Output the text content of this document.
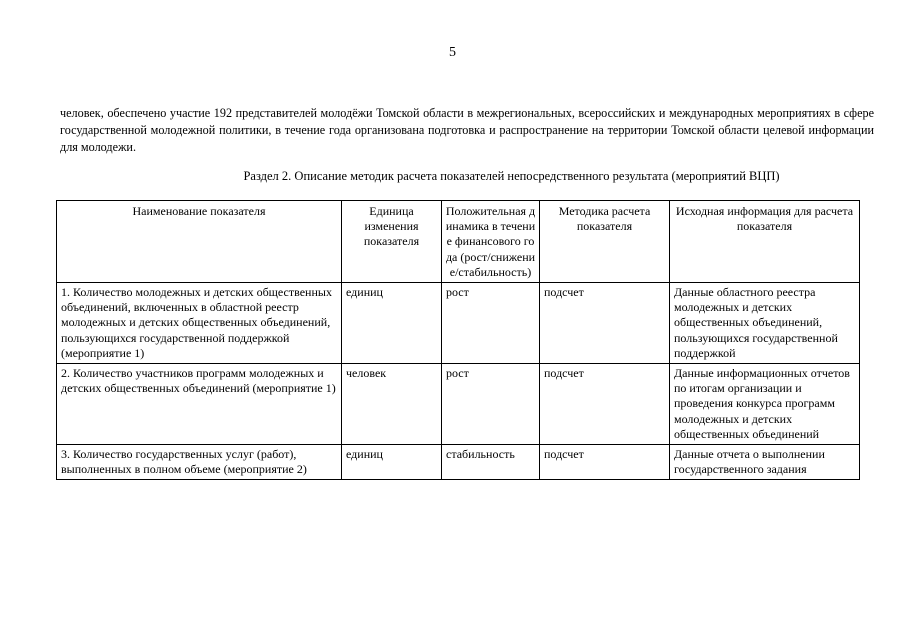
5

человек, обеспечено участие 192 представителей молодёжи Томской области в межрегиональных, всероссийских и международных мероприятиях в сфере государственной молодежной политики, в течение года организована подготовка и распространение на территории Томской области целевой информации для молодежи.

Раздел 2. Описание методик расчета показателей непосредственного результата (мероприятий ВЦП)
Наименование показателя	Единица изменения показателя	Положительная динамика в течение финансового года (рост/снижение/стабильность)	Методика расчета показателя	Исходная информация для расчета показателя
1. Количество молодежных и детских общественных объединений, включенных в областной реестр молодежных и детских общественных объединений, пользующихся государственной поддержкой (мероприятие 1)	единиц	рост	подсчет	Данные областного реестра молодежных и детских общественных объединений, пользующихся государственной поддержкой
2. Количество участников программ молодежных и детских общественных объединений (мероприятие 1)	человек	рост	подсчет	Данные информационных отчетов по итогам организации и проведения конкурса программ молодежных и детских общественных объединений
3. Количество государственных услуг (работ), выполненных в полном объеме (мероприятие 2)	единиц	стабильность	подсчет	Данные отчета о выполнении государственного задания
